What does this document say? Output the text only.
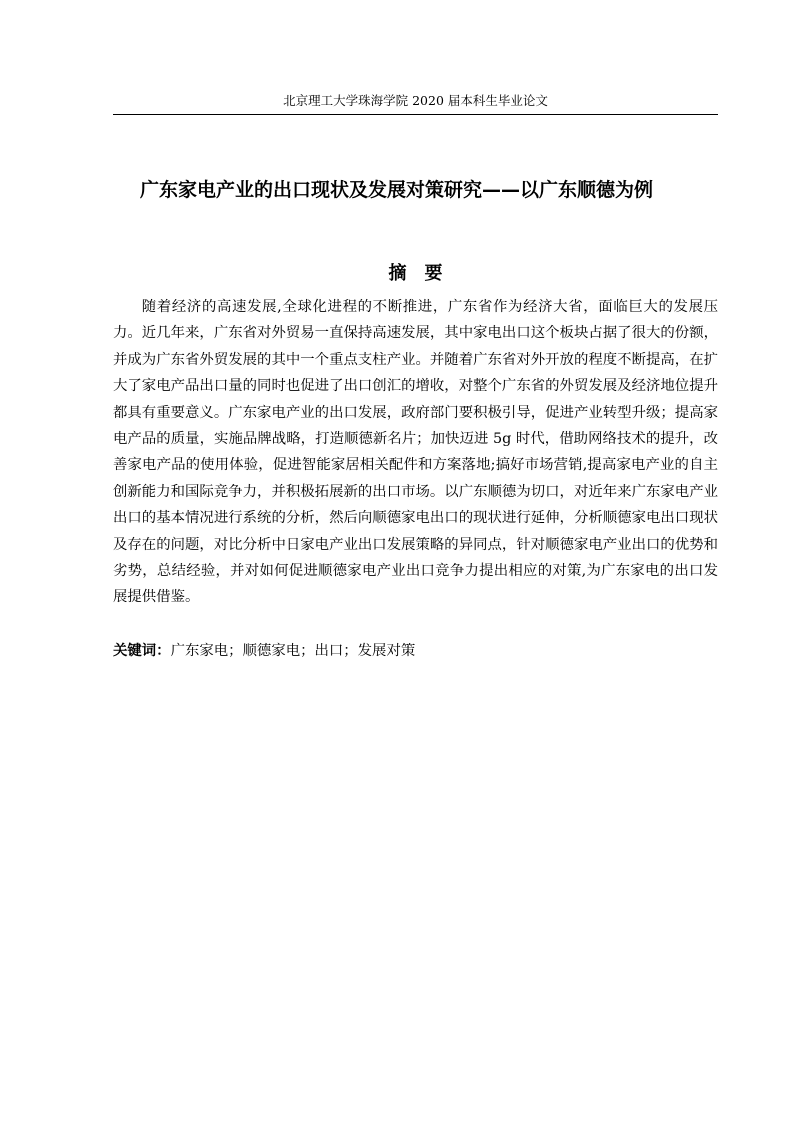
北京理工大学珠海学院 2020 届本科生毕业论文
广东家电产业的出口现状及发展对策研究——以广东顺德为例
摘要

随着经济的高速发展,全球化进程的不断推进，广东省作为经济大省，面临巨大的发展压力。近几年来，广东省对外贸易一直保持高速发展，其中家电出口这个板块占据了很大的份额，并成为广东省外贸发展的其中一个重点支柱产业。并随着广东省对外开放的程度不断提高，在扩大了家电产品出口量的同时也促进了出口创汇的增收，对整个广东省的外贸发展及经济地位提升都具有重要意义。广东家电产业的出口发展，政府部门要积极引导，促进产业转型升级；提高家电产品的质量，实施品牌战略，打造顺德新名片；加快迈进 5g 时代，借助网络技术的提升，改善家电产品的使用体验，促进智能家居相关配件和方案落地;搞好市场营销,提高家电产业的自主创新能力和国际竞争力，并积极拓展新的出口市场。以广东顺德为切口，对近年来广东家电产业出口的基本情况进行系统的分析，然后向顺德家电出口的现状进行延伸，分析顺德家电出口现状及存在的问题，对比分析中日家电产业出口发展策略的异同点，针对顺德家电产业出口的优势和劣势，总结经验，并对如何促进顺德家电产业出口竞争力提出相应的对策,为广东家电的出口发展提供借鉴。

关键词：广东家电；顺德家电；出口；发展对策
